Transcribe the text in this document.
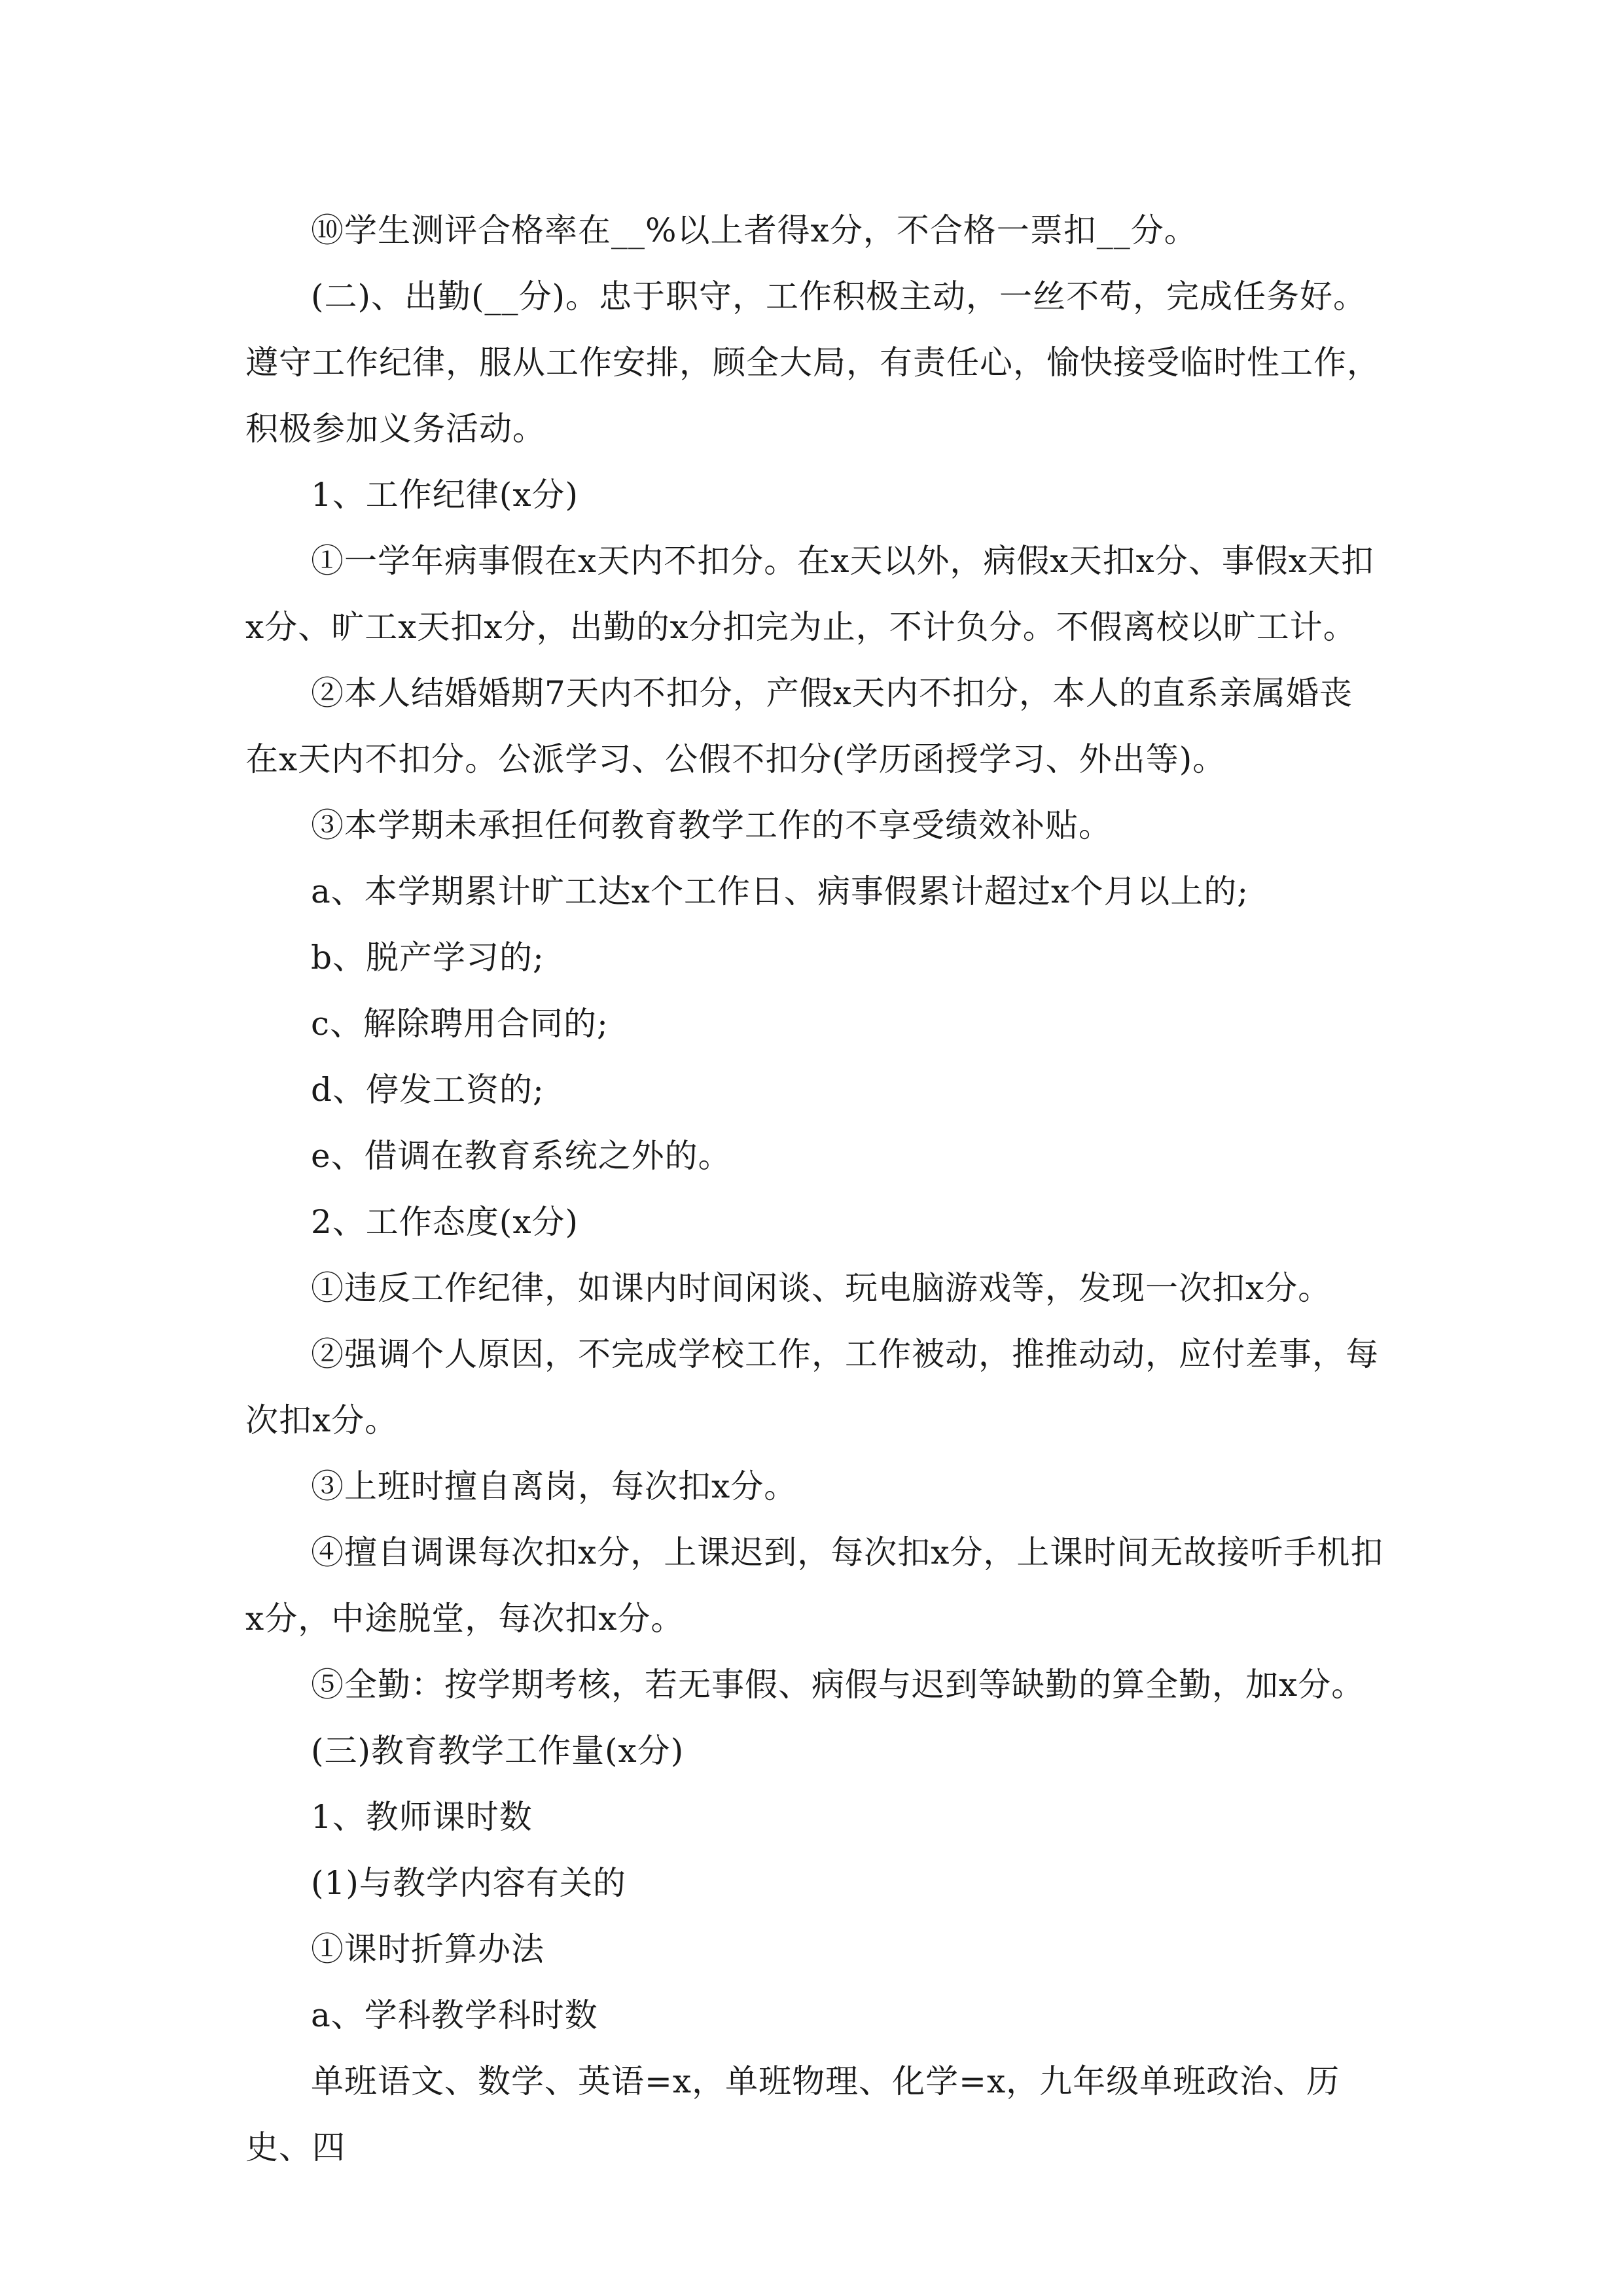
⑩学生测评合格率在__%以上者得x分，不合格一票扣__分。

(二)、出勤(__分)。忠于职守，工作积极主动，一丝不苟，完成任务好。遵守工作纪律，服从工作安排，顾全大局，有责任心，愉快接受临时性工作，积极参加义务活动。

1、工作纪律(x分)

①一学年病事假在x天内不扣分。在x天以外，病假x天扣x分、事假x天扣x分、旷工x天扣x分，出勤的x分扣完为止，不计负分。不假离校以旷工计。

②本人结婚婚期7天内不扣分，产假x天内不扣分，本人的直系亲属婚丧在x天内不扣分。公派学习、公假不扣分(学历函授学习、外出等)。

③本学期未承担任何教育教学工作的不享受绩效补贴。

a、本学期累计旷工达x个工作日、病事假累计超过x个月以上的;

b、脱产学习的;

c、解除聘用合同的;

d、停发工资的;

e、借调在教育系统之外的。

2、工作态度(x分)

①违反工作纪律，如课内时间闲谈、玩电脑游戏等，发现一次扣x分。

②强调个人原因，不完成学校工作，工作被动，推推动动，应付差事，每次扣x分。

③上班时擅自离岗，每次扣x分。

④擅自调课每次扣x分，上课迟到，每次扣x分，上课时间无故接听手机扣x分，中途脱堂，每次扣x分。

⑤全勤：按学期考核，若无事假、病假与迟到等缺勤的算全勤，加x分。

(三)教育教学工作量(x分)

1、教师课时数

(1)与教学内容有关的

①课时折算办法

a、学科教学科时数

单班语文、数学、英语=x，单班物理、化学=x，九年级单班政治、历史、四
